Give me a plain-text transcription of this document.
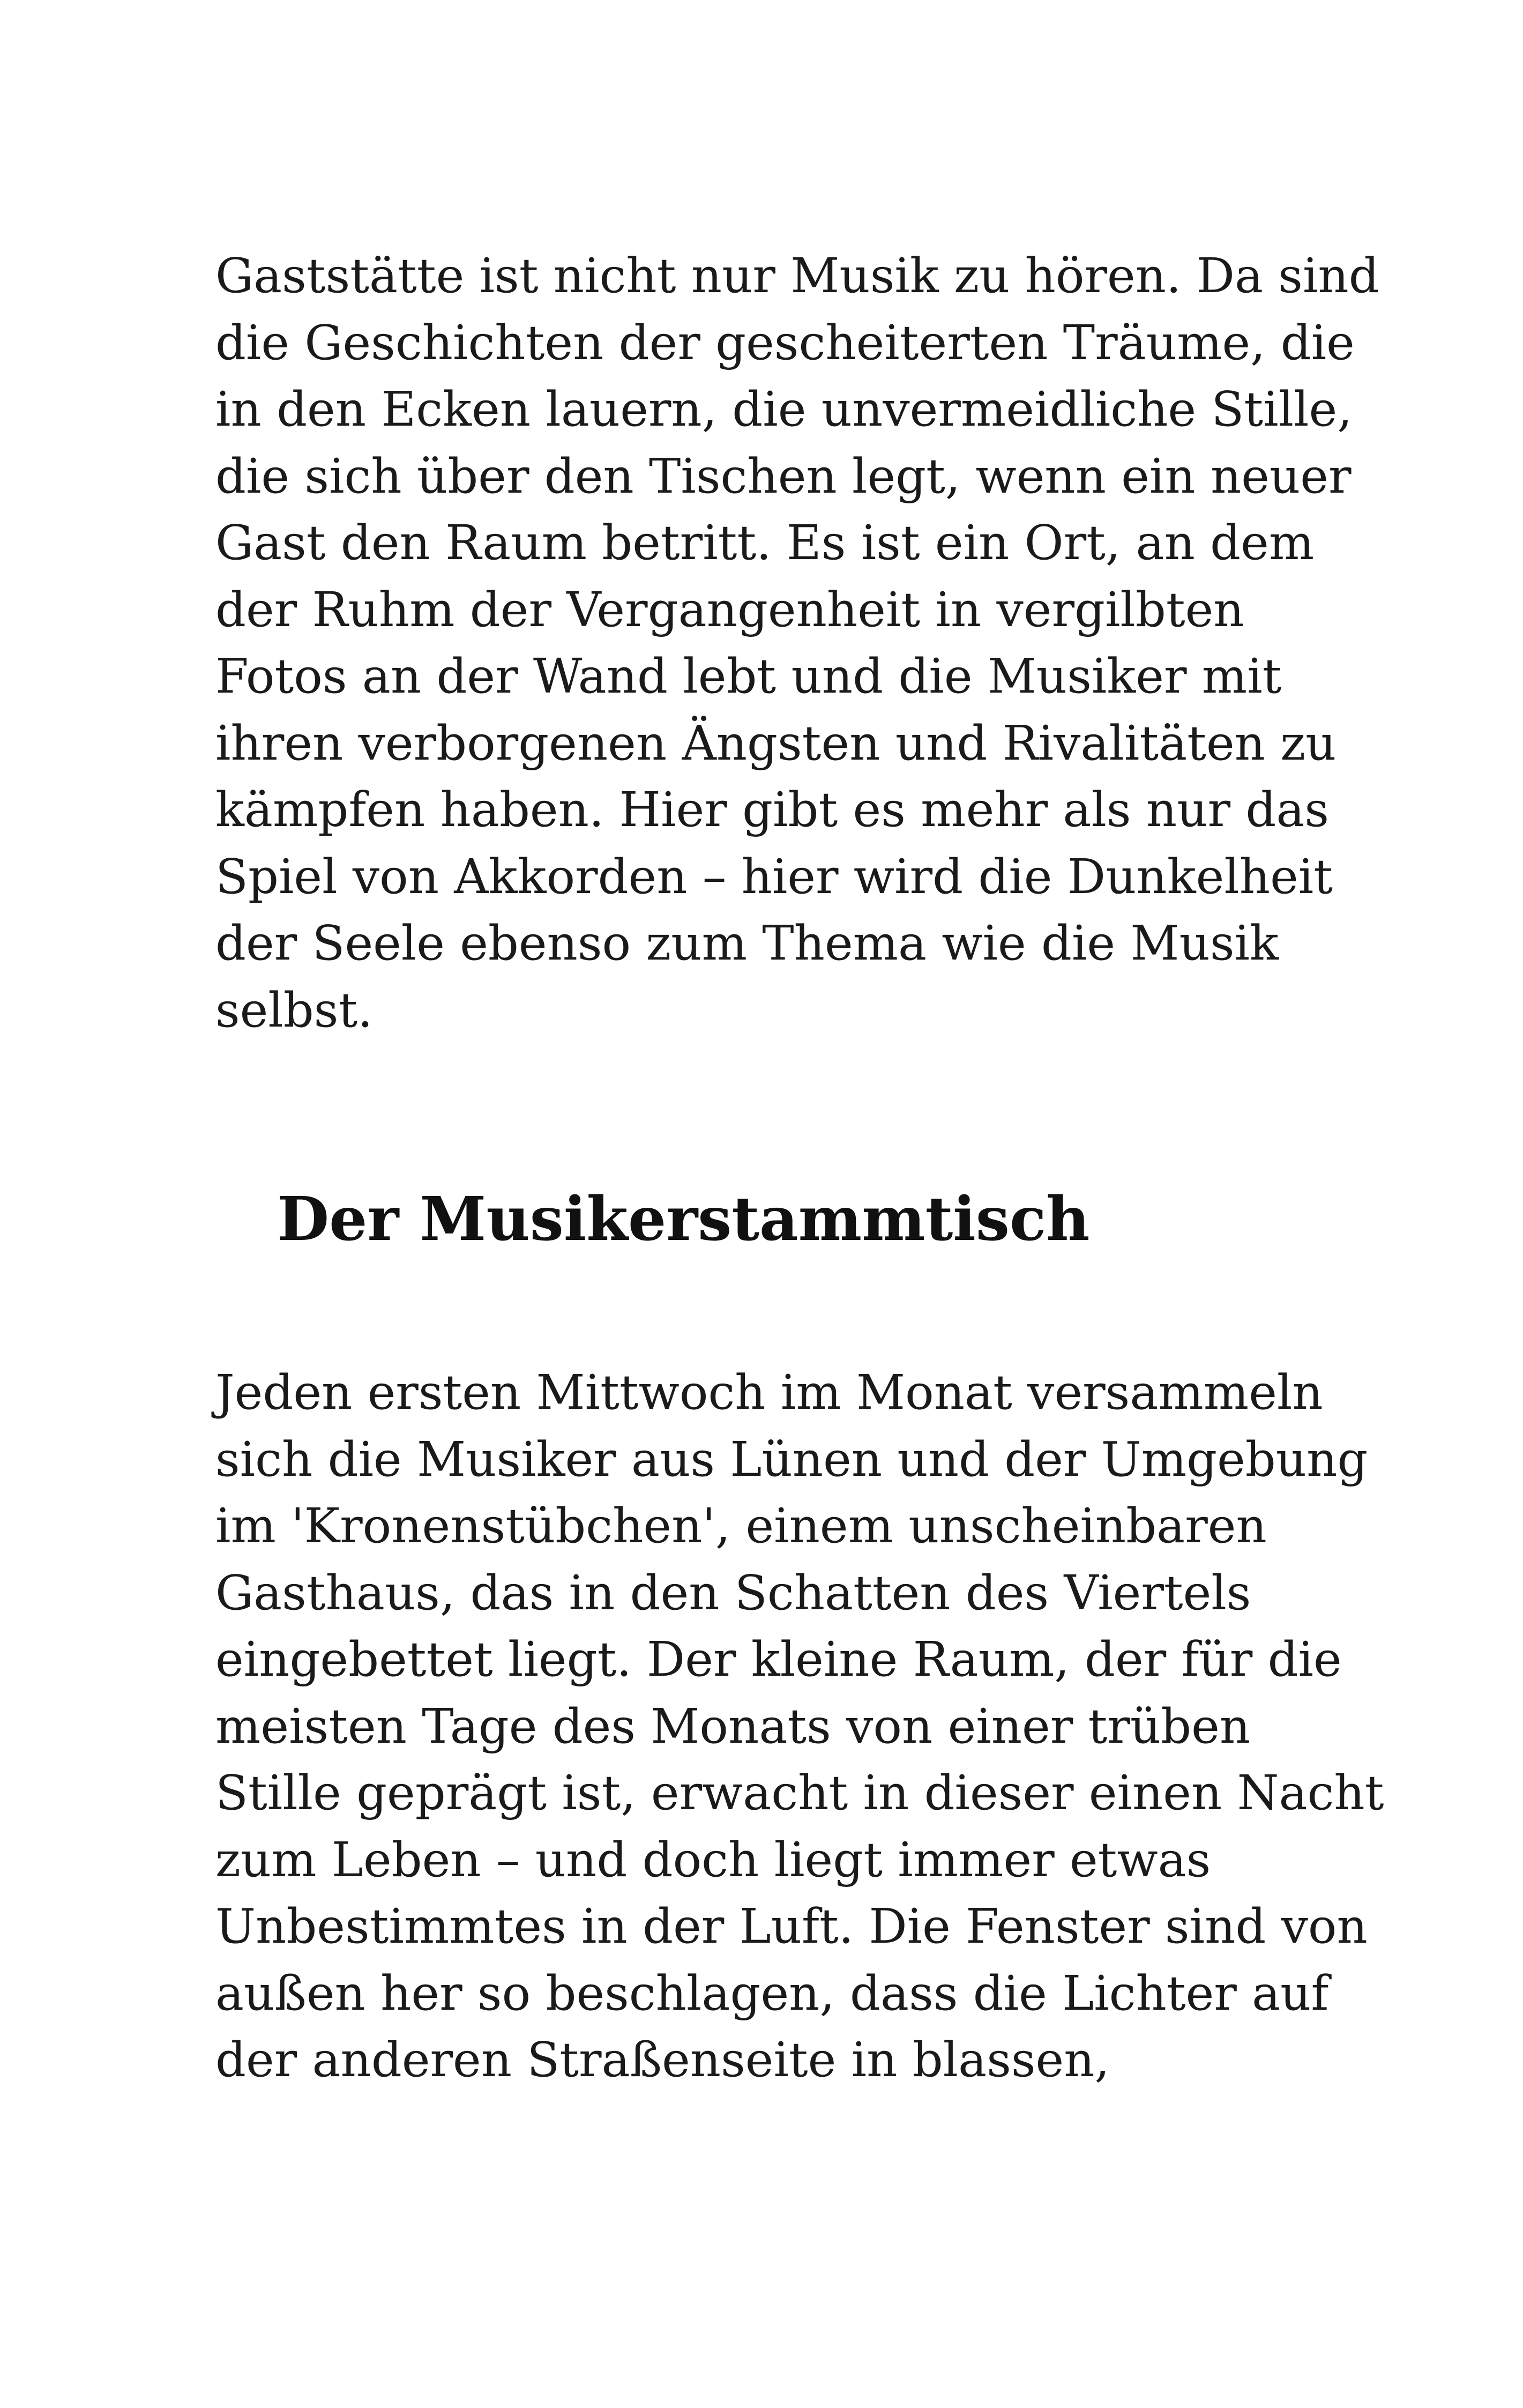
Gaststätte ist nicht nur Musik zu hören. Da sind
die Geschichten der gescheiterten Träume, die
in den Ecken lauern, die unvermeidliche Stille,
die sich über den Tischen legt, wenn ein neuer
Gast den Raum betritt. Es ist ein Ort, an dem
der Ruhm der Vergangenheit in vergilbten
Fotos an der Wand lebt und die Musiker mit
ihren verborgenen Ängsten und Rivalitäten zu
kämpfen haben. Hier gibt es mehr als nur das
Spiel von Akkorden – hier wird die Dunkelheit
der Seele ebenso zum Thema wie die Musik
selbst.

Der Musikerstammtisch

Jeden ersten Mittwoch im Monat versammeln
sich die Musiker aus Lünen und der Umgebung
im 'Kronenstübchen', einem unscheinbaren
Gasthaus, das in den Schatten des Viertels
eingebettet liegt. Der kleine Raum, der für die
meisten Tage des Monats von einer trüben
Stille geprägt ist, erwacht in dieser einen Nacht
zum Leben – und doch liegt immer etwas
Unbestimmtes in der Luft. Die Fenster sind von
außen her so beschlagen, dass die Lichter auf
der anderen Straßenseite in blassen,
